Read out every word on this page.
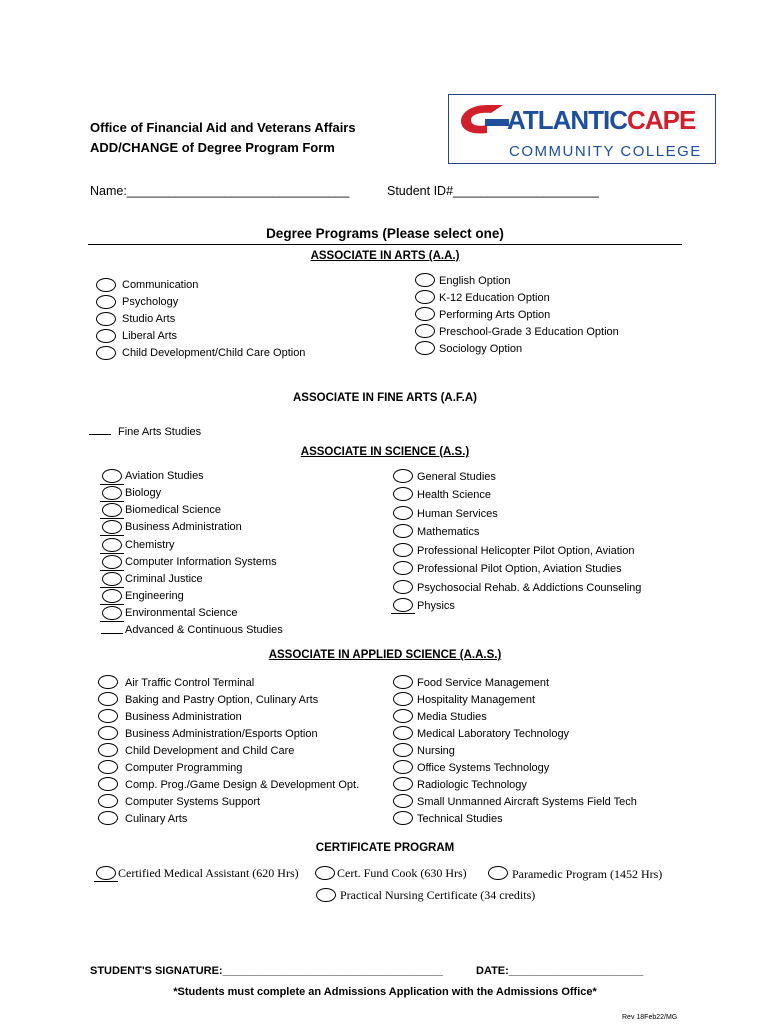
Office of Financial Aid and Veterans Affairs
ADD/CHANGE of Degree Program Form
Name:________________________________	Student ID#_____________________
ATLANTICCAPE
COMMUNITY COLLEGE
Degree Programs (Please select one)
ASSOCIATE IN ARTS (A.A.)
Communication
Psychology
Studio Arts
Liberal Arts
Child Development/Child Care Option
English Option
K-12 Education Option
Performing Arts Option
Preschool-Grade 3 Education Option
Sociology Option
ASSOCIATE IN FINE ARTS (A.F.A)
Fine Arts Studies
ASSOCIATE IN SCIENCE (A.S.)
Aviation Studies
Biology
Biomedical Science
Business Administration
Chemistry
Computer Information Systems
Criminal Justice
Engineering
Environmental Science
Advanced & Continuous Studies
General Studies
Health Science
Human Services
Mathematics
Professional Helicopter Pilot Option, Aviation
Professional Pilot Option, Aviation Studies
Psychosocial Rehab. & Addictions Counseling
Physics
ASSOCIATE IN APPLIED SCIENCE (A.A.S.)
Air Traffic Control Terminal
Baking and Pastry Option, Culinary Arts
Business Administration
Business Administration/Esports Option
Child Development and Child Care
Computer Programming
Comp. Prog./Game Design & Development Opt.
Computer Systems Support
Culinary Arts
Food Service Management
Hospitality Management
Media Studies
Medical Laboratory Technology
Nursing
Office Systems Technology
Radiologic Technology
Small Unmanned Aircraft Systems Field Tech
Technical Studies
CERTIFICATE PROGRAM
Certified Medical Assistant (620 Hrs)	Cert. Fund Cook (630 Hrs)	Paramedic Program (1452 Hrs)
Practical Nursing Certificate (34 credits)
STUDENT'S SIGNATURE:____________________________________	DATE:______________________
*Students must complete an Admissions Application with the Admissions Office*
Rev 18Feb22/MG
